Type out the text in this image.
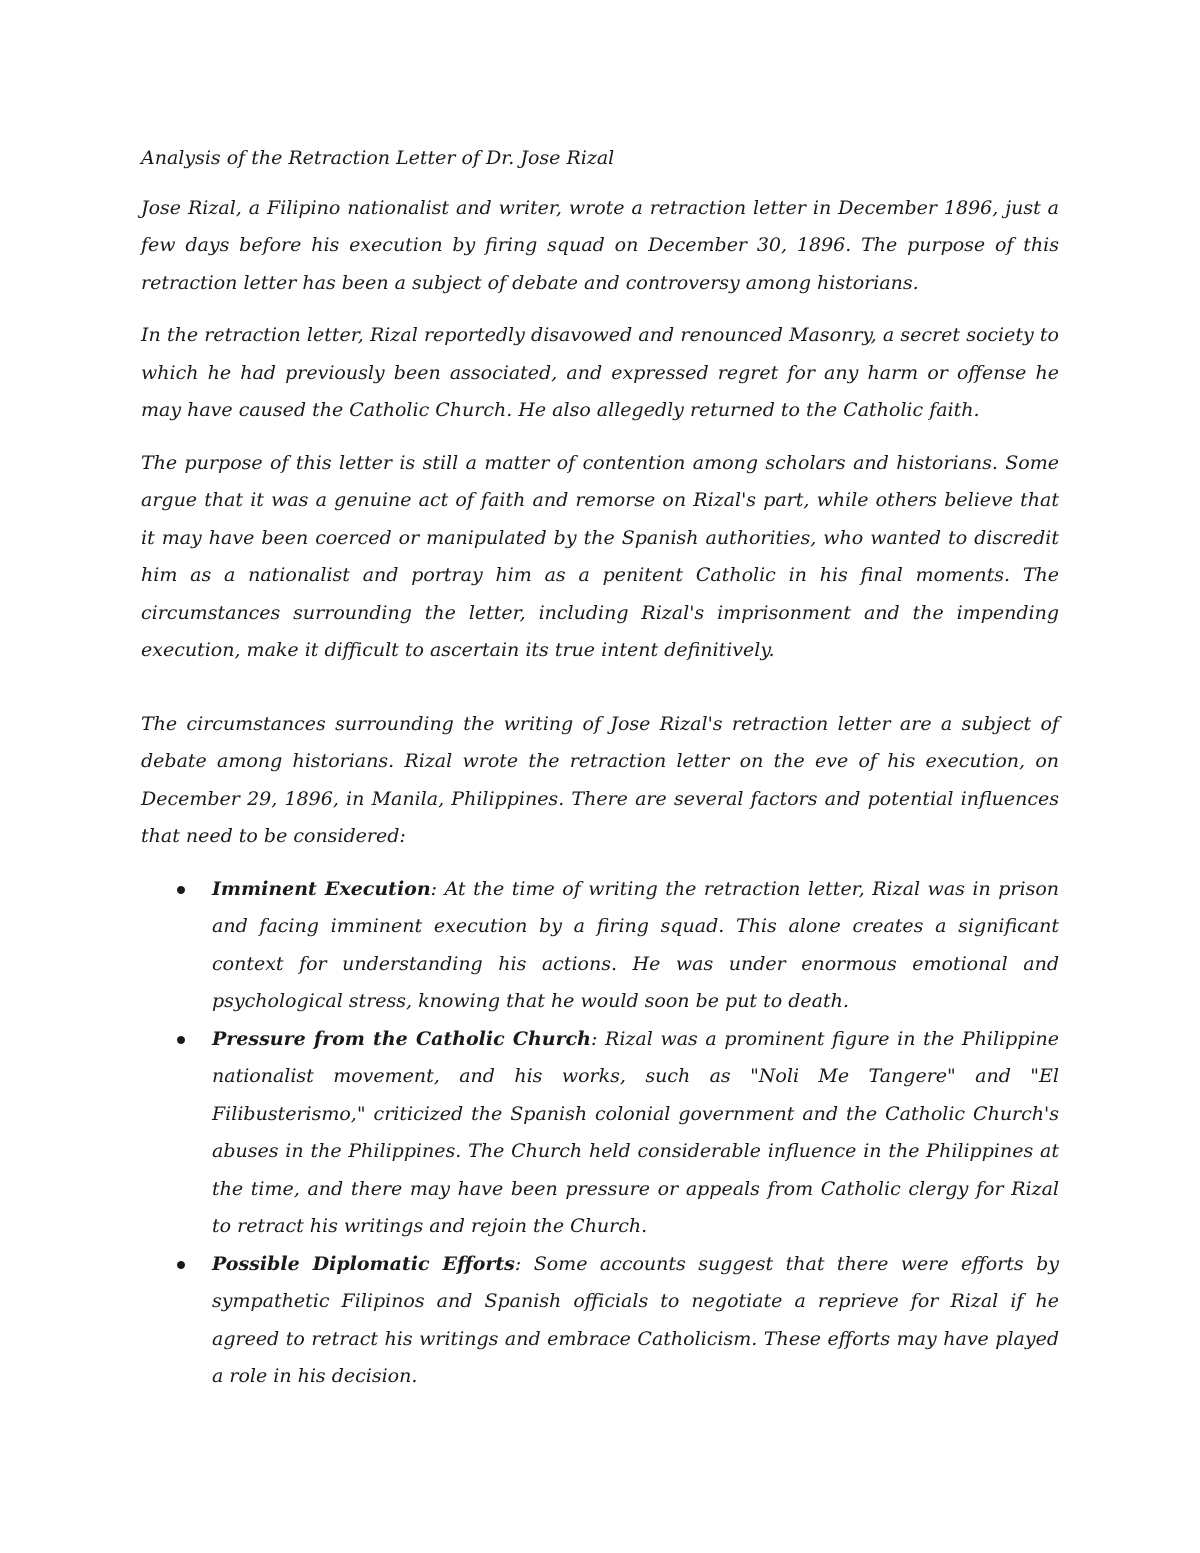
Analysis of the Retraction Letter of Dr. Jose Rizal

Jose Rizal, a Filipino nationalist and writer, wrote a retraction letter in December 1896, just a few days before his execution by firing squad on December 30, 1896. The purpose of this retraction letter has been a subject of debate and controversy among historians.

In the retraction letter, Rizal reportedly disavowed and renounced Masonry, a secret society to which he had previously been associated, and expressed regret for any harm or offense he may have caused the Catholic Church. He also allegedly returned to the Catholic faith.

The purpose of this letter is still a matter of contention among scholars and historians. Some argue that it was a genuine act of faith and remorse on Rizal's part, while others believe that it may have been coerced or manipulated by the Spanish authorities, who wanted to discredit him as a nationalist and portray him as a penitent Catholic in his final moments. The circumstances surrounding the letter, including Rizal's imprisonment and the impending execution, make it difficult to ascertain its true intent definitively.

The circumstances surrounding the writing of Jose Rizal's retraction letter are a subject of debate among historians. Rizal wrote the retraction letter on the eve of his execution, on December 29, 1896, in Manila, Philippines. There are several factors and potential influences that need to be considered:

Imminent Execution: At the time of writing the retraction letter, Rizal was in prison and facing imminent execution by a firing squad. This alone creates a significant context for understanding his actions. He was under enormous emotional and psychological stress, knowing that he would soon be put to death.
Pressure from the Catholic Church: Rizal was a prominent figure in the Philippine nationalist movement, and his works, such as "Noli Me Tangere" and "El Filibusterismo," criticized the Spanish colonial government and the Catholic Church's abuses in the Philippines. The Church held considerable influence in the Philippines at the time, and there may have been pressure or appeals from Catholic clergy for Rizal to retract his writings and rejoin the Church.
Possible Diplomatic Efforts: Some accounts suggest that there were efforts by sympathetic Filipinos and Spanish officials to negotiate a reprieve for Rizal if he agreed to retract his writings and embrace Catholicism. These efforts may have played a role in his decision.
